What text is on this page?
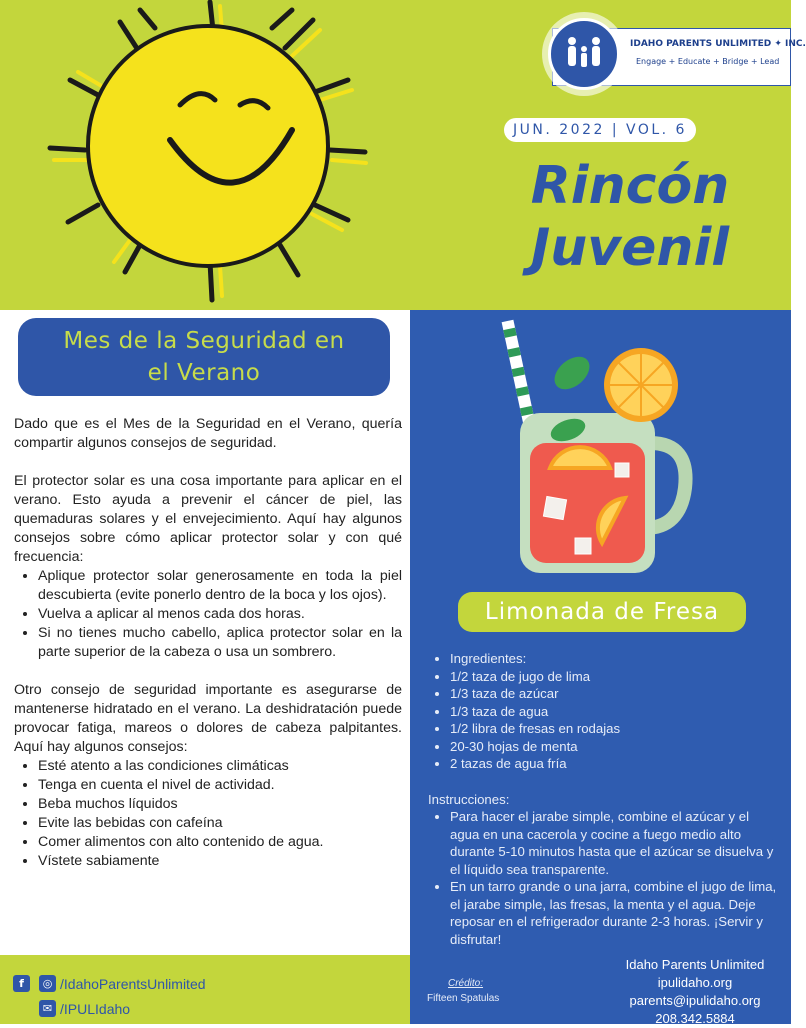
IDAHO PARENTS UNLIMITED ✦ INC.
Engage + Educate + Bridge + Lead
JUN. 2022 | VOL. 6
Rincón
Juvenil
Mes de la Seguridad en
el Verano

Dado que es el Mes de la Seguridad en el Verano, quería compartir algunos consejos de seguridad.

El protector solar es una cosa importante para aplicar en el verano. Esto ayuda a prevenir el cáncer de piel, las quemaduras solares y el envejecimiento. Aquí hay algunos consejos sobre cómo aplicar protector solar y con qué frecuencia:

• Aplique protector solar generosamente en toda la piel descubierta (evite ponerlo dentro de la boca y los ojos).
• Vuelva a aplicar al menos cada dos horas.
• Si no tienes mucho cabello, aplica protector solar en la parte superior de la cabeza o usa un sombrero.

Otro consejo de seguridad importante es asegurarse de mantenerse hidratado en el verano. La deshidratación puede provocar fatiga, mareos o dolores de cabeza palpitantes. Aquí hay algunos consejos:

• Esté atento a las condiciones climáticas
• Tenga en cuenta el nivel de actividad.
• Beba muchos líquidos
• Evite las bebidas con cafeína
• Comer alimentos con alto contenido de agua.
• Vístete sabiamente
f	◎ /IdahoParentsUnlimited
✉ /IPULIdaho
Limonada de Fresa
• Ingredientes:
• 1/2 taza de jugo de lima
• 1/3 taza de azúcar
• 1/3 taza de agua
• 1/2 libra de fresas en rodajas
• 20-30 hojas de menta
• 2 tazas de agua fría
Instrucciones:
• Para hacer el jarabe simple, combine el azúcar y el agua en una cacerola y cocine a fuego medio alto durante 5-10 minutos hasta que el azúcar se disuelva y el líquido sea transparente.
• En un tarro grande o una jarra, combine el jugo de lima, el jarabe simple, las fresas, la menta y el agua. Deje reposar en el refrigerador durante 2-3 horas. ¡Servir y disfrutar!
Crédito:
Fifteen Spatulas
Idaho Parents Unlimited
ipulidaho.org
parents@ipulidaho.org
208.342.5884
